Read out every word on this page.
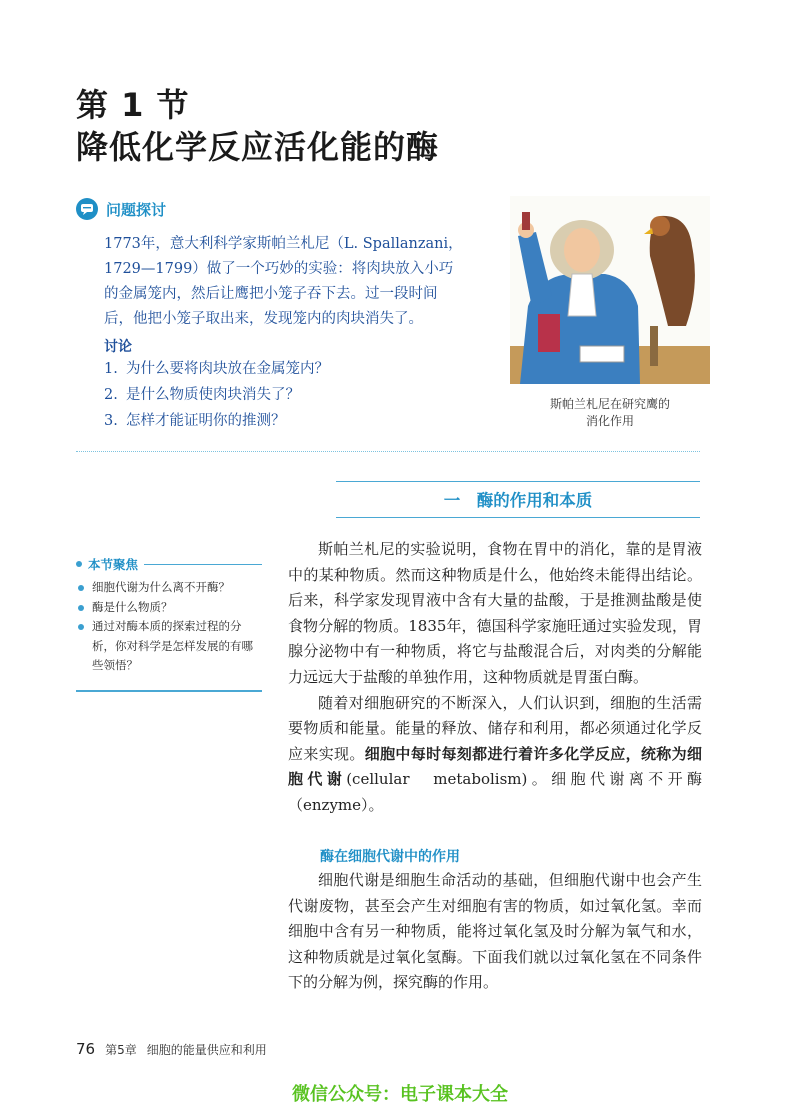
第 1 节
降低化学反应活化能的酶
问题探讨

1773年，意大利科学家斯帕兰札尼（L. Spallanzani，1729—1799）做了一个巧妙的实验：将肉块放入小巧的金属笼内，然后让鹰把小笼子吞下去。过一段时间后，他把小笼子取出来，发现笼内的肉块消失了。

讨论
1. 为什么要将肉块放在金属笼内？
2. 是什么物质使肉块消失了？
3. 怎样才能证明你的推测？
斯帕兰札尼在研究鹰的
消化作用
一　酶的作用和本质
本节聚焦
细胞代谢为什么离不开酶？
酶是什么物质？
通过对酶本质的探索过程的分析，你对科学是怎样发展的有哪些领悟？

斯帕兰札尼的实验说明，食物在胃中的消化，靠的是胃液中的某种物质。然而这种物质是什么，他始终未能得出结论。后来，科学家发现胃液中含有大量的盐酸，于是推测盐酸是使食物分解的物质。1835年，德国科学家施旺通过实验发现，胃腺分泌物中有一种物质，将它与盐酸混合后，对肉类的分解能力远远大于盐酸的单独作用，这种物质就是胃蛋白酶。

随着对细胞研究的不断深入，人们认识到，细胞的生活需要物质和能量。能量的释放、储存和利用，都必须通过化学反应来实现。细胞中每时每刻都进行着许多化学反应，统称为细胞代谢(cellular　metabolism)。细胞代谢离不开酶（enzyme）。

酶在细胞代谢中的作用

细胞代谢是细胞生命活动的基础，但细胞代谢中也会产生代谢废物，甚至会产生对细胞有害的物质，如过氧化氢。幸而细胞中含有另一种物质，能将过氧化氢及时分解为氧气和水，这种物质就是过氧化氢酶。下面我们就以过氧化氢在不同条件下的分解为例，探究酶的作用。

76 第5章 细胞的能量供应和利用
微信公众号：电子课本大全
